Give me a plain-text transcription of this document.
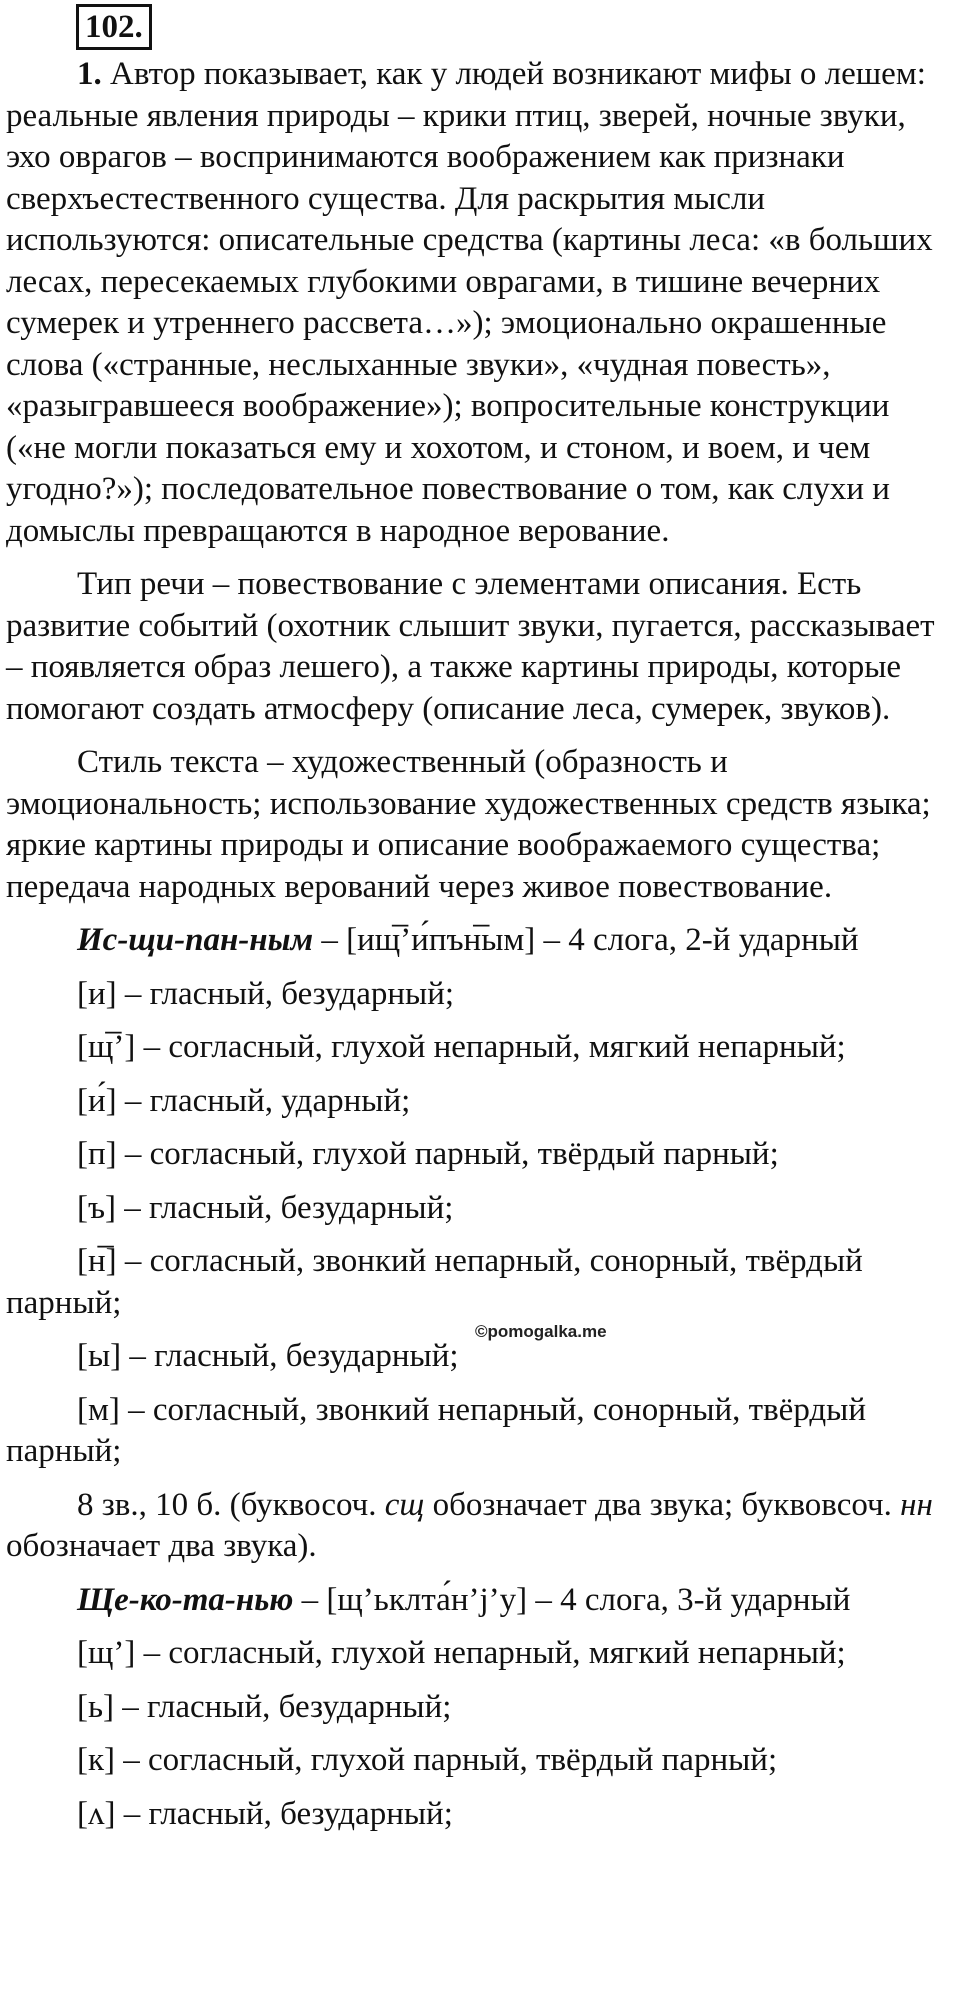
102.

1. Автор показывает, как у людей возникают мифы о лешем: реальные явления природы – крики птиц, зверей, ночные звуки, эхо оврагов – воспринимаются воображением как признаки сверхъестественного существа. Для раскрытия мысли используются: описательные средства (картины леса: «в больших лесах, пересекаемых глубокими оврагами, в тишине вечерних сумерек и утреннего рассвета…»); эмоционально окрашенные слова («странные, неслыханные звуки», «чудная повесть», «разыгравшееся воображение»); вопросительные конструкции («не могли показаться ему и хохотом, и стоном, и воем, и чем угодно?»); последовательное повествование о том, как слухи и домыслы превращаются в народное верование.

Тип речи – повествование с элементами описания. Есть развитие событий (охотник слышит звуки, пугается, рассказывает – появляется образ лешего), а также картины природы, которые помогают создать атмосферу (описание леса, сумерек, звуков).

Стиль текста – художественный (образность и эмоциональность; использование художественных средств языка; яркие картины природы и описание воображаемого существа; передача народных верований через живое повествование.

Ис-щи-пан-ным – [ищ̅’и́пън̅ым] – 4 слога, 2-й ударный

[и] – гласный, безударный;

[щ̅’] – согласный, глухой непарный, мягкий непарный;

[и́] – гласный, ударный;

[п] – согласный, глухой парный, твёрдый парный;

[ъ] – гласный, безударный;

[н̅] – согласный, звонкий непарный, сонорный, твёрдый парный;

[ы] – гласный, безударный;

[м] – согласный, звонкий непарный, сонорный, твёрдый парный;

8 зв., 10 б. (буквосоч. сщ обозначает два звука; буквовсоч. нн обозначает два звука).

Ще-ко-та-нью – [щ’ьклта́н’j’у] – 4 слога, 3-й ударный

[щ’] – согласный, глухой непарный, мягкий непарный;

[ь] – гласный, безударный;

[к] – согласный, глухой парный, твёрдый парный;

[ʌ] – гласный, безударный;

©pomogalka.me
